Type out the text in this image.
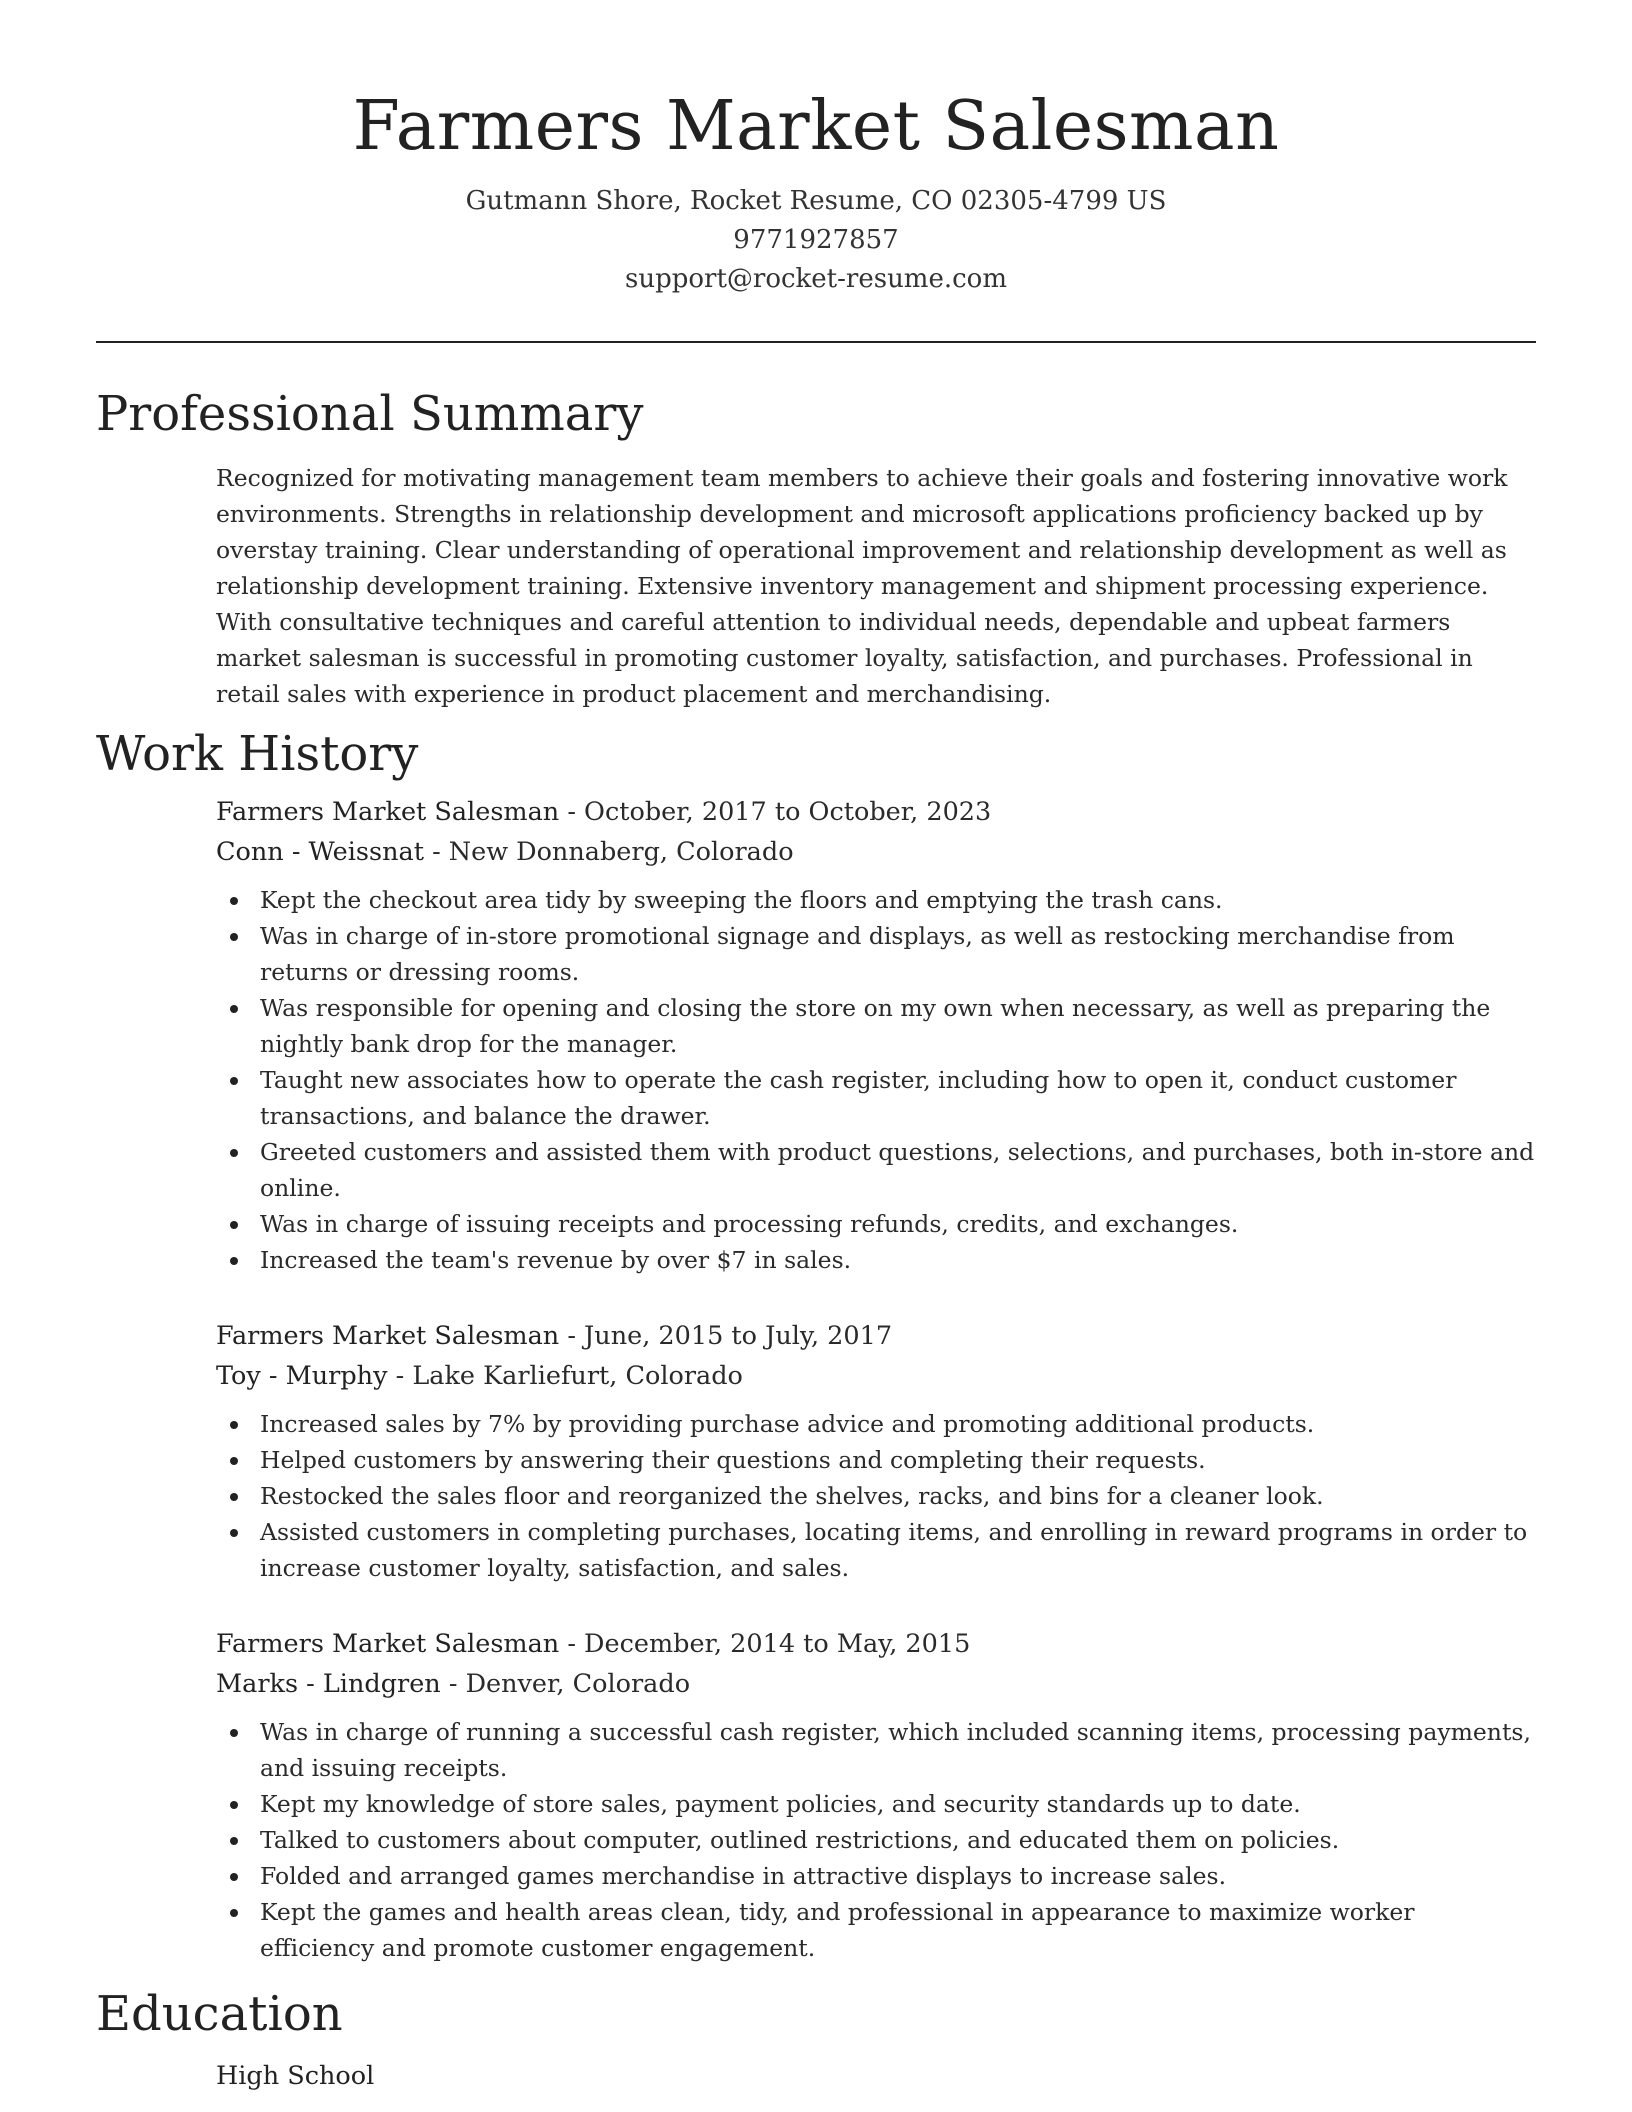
Farmers Market Salesman
Gutmann Shore, Rocket Resume, CO 02305-4799 US
9771927857
support@rocket-resume.com
Professional Summary

Recognized for motivating management team members to achieve their goals and fostering innovative work environments. Strengths in relationship development and microsoft applications proficiency backed up by overstay training. Clear understanding of operational improvement and relationship development as well as relationship development training. Extensive inventory management and shipment processing experience. With consultative techniques and careful attention to individual needs, dependable and upbeat farmers market salesman is successful in promoting customer loyalty, satisfaction, and purchases. Professional in retail sales with experience in product placement and merchandising.

Work History

Farmers Market Salesman - October, 2017 to October, 2023

Conn - Weissnat - New Donnaberg, Colorado

Kept the checkout area tidy by sweeping the floors and emptying the trash cans.
Was in charge of in-store promotional signage and displays, as well as restocking merchandise from returns or dressing rooms.
Was responsible for opening and closing the store on my own when necessary, as well as preparing the nightly bank drop for the manager.
Taught new associates how to operate the cash register, including how to open it, conduct customer transactions, and balance the drawer.
Greeted customers and assisted them with product questions, selections, and purchases, both in-store and online.
Was in charge of issuing receipts and processing refunds, credits, and exchanges.
Increased the team's revenue by over $7 in sales.

Farmers Market Salesman - June, 2015 to July, 2017

Toy - Murphy - Lake Karliefurt, Colorado

Increased sales by 7% by providing purchase advice and promoting additional products.
Helped customers by answering their questions and completing their requests.
Restocked the sales floor and reorganized the shelves, racks, and bins for a cleaner look.
Assisted customers in completing purchases, locating items, and enrolling in reward programs in order to increase customer loyalty, satisfaction, and sales.

Farmers Market Salesman - December, 2014 to May, 2015

Marks - Lindgren - Denver, Colorado

Was in charge of running a successful cash register, which included scanning items, processing payments, and issuing receipts.
Kept my knowledge of store sales, payment policies, and security standards up to date.
Talked to customers about computer, outlined restrictions, and educated them on policies.
Folded and arranged games merchandise in attractive displays to increase sales.
Kept the games and health areas clean, tidy, and professional in appearance to maximize worker efficiency and promote customer engagement.
Education

High School
